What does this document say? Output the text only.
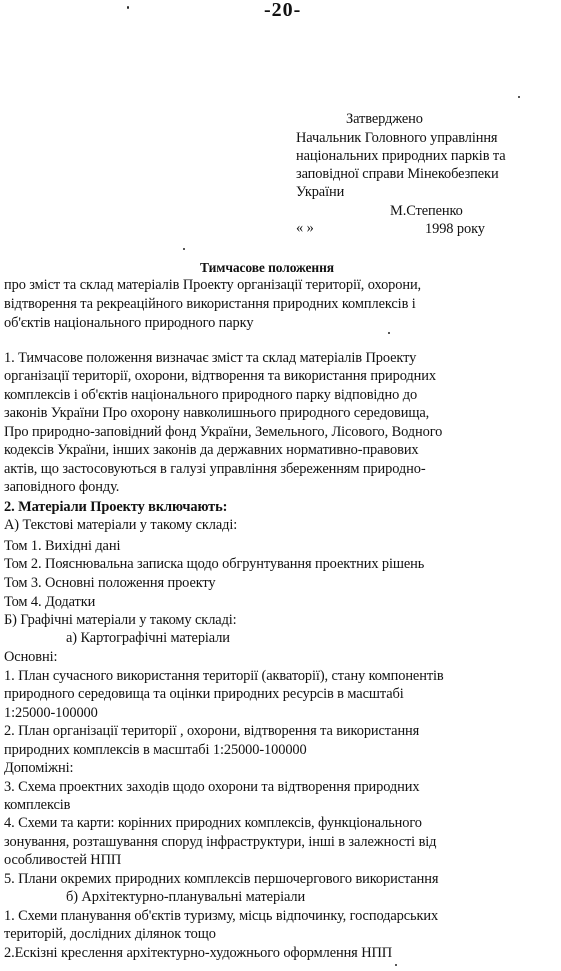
-20-
Затверджено
Начальник Головного управління
національних природних парків та
заповідної справи Мінекобезпеки
України
М.Степенко
« »	1998 року
Тимчасове положення
про зміст та склад матеріалів Проекту організації території, охорони,
відтворення та рекреаційного використання природних комплексів і
об'єктів національного природного парку
1. Тимчасове положення визначає зміст та склад матеріалів Проекту
організації території, охорони, відтворення та використання природних
комплексів і об'єктів національного природного парку відповідно до
законів України Про охорону навколишнього природного середовища,
Про природно-заповідний фонд України, Земельного, Лісового, Водного
кодексів України, інших законів да державних нормативно-правових
актів, що застосовуються в галузі управління збереженням природно-
заповідного фонду.
2. Матеріали Проекту включають:
А) Текстові матеріали у такому складі:
Том 1. Вихідні дані
Том 2. Пояснювальна записка щодо обгрунтування проектних рішень
Том 3. Основні положення проекту
Том 4. Додатки
Б) Графічні матеріали у такому складі:
а) Картографічні матеріали
Основні:
1. План сучасного використання території (акваторії), стану компонентів
природного середовища та оцінки природних ресурсів в масштабі
1:25000-100000
2. План організації території , охорони, відтворення та використання
природних комплексів в масштабі 1:25000-100000
Допоміжні:
3. Схема проектних заходів щодо охорони та відтворення природних
комплексів
4. Схеми та карти: корінних природних комплексів, функціонального
зонування, розташування споруд інфраструктури, інші в залежності від
особливостей НПП
5. Плани окремих природних комплексів першочергового використання
б) Архітектурно-планувальні матеріали
1. Схеми планування об'єктів туризму, місць відпочинку, господарських
територій, дослідних ділянок тощо
2.Ескізні креслення архітектурно-художнього оформлення НПП
